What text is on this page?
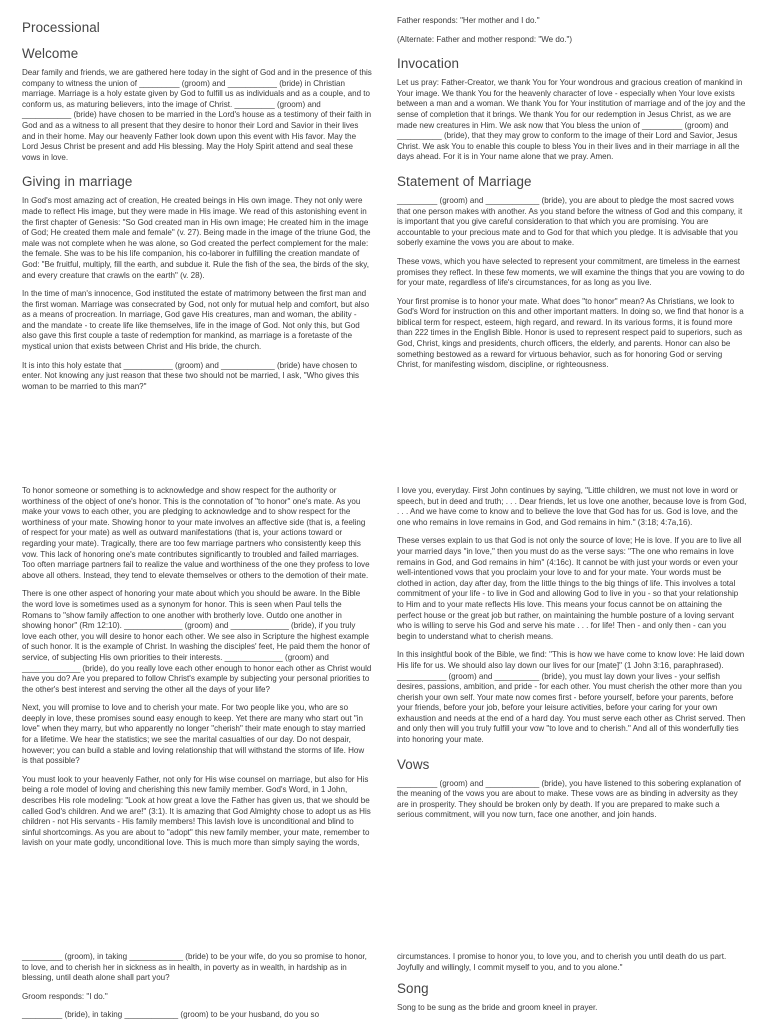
Processional
Welcome

Dear family and friends, we are gathered here today in the sight of God and in the presence of this company to witness the union of _________ (groom) and ___________ (bride) in Christian marriage. Marriage is a holy estate given by God to fulfill us as individuals and as a couple, and to conform us, as maturing believers, into the image of Christ. _________ (groom) and ___________ (bride) have chosen to be married in the Lord's house as a testimony of their faith in God and as a witness to all present that they desire to honor their Lord and Savior in their lives and in their home. May our heavenly Father look down upon this event with His favor. May the Lord Jesus Christ be present and add His blessing. May the Holy Spirit attend and seal these vows in love.

Giving in marriage

In God's most amazing act of creation, He created beings in His own image. They not only were made to reflect His image, but they were made in His image. We read of this astonishing event in the first chapter of Genesis: "So God created man in His own image; He created him in the image of God; He created them male and female" (v. 27). Being made in the image of the triune God, the male was not complete when he was alone, so God created the perfect complement for the male: the female. She was to be his life companion, his co-laborer in fulfilling the creation mandate of God: "Be fruitful, multiply, fill the earth, and subdue it. Rule the fish of the sea, the birds of the sky, and every creature that crawls on the earth" (v. 28).

In the time of man's innocence, God instituted the estate of matrimony between the first man and the first woman. Marriage was consecrated by God, not only for mutual help and comfort, but also as a means of procreation. In marriage, God gave His creatures, man and woman, the ability - and the mandate - to create life like themselves, life in the image of God. Not only this, but God also gave this first couple a taste of redemption for mankind, as marriage is a foretaste of the mystical union that exists between Christ and His bride, the church.

It is into this holy estate that ___________ (groom) and ____________ (bride) have chosen to enter. Not knowing any just reason that these two should not be married, I ask, "Who gives this woman to be married to this man?"

Father responds: "Her mother and I do."

(Alternate: Father and mother respond: "We do.")

Invocation

Let us pray: Father-Creator, we thank You for Your wondrous and gracious creation of mankind in Your image. We thank You for the heavenly character of love - especially when Your love exists between a man and a woman. We thank You for Your institution of marriage and of the joy and the sense of completion that it brings. We thank You for our redemption in Jesus Christ, as we are made new creatures in Him. We ask now that You bless the union of _________ (groom) and __________ (bride), that they may grow to conform to the image of their Lord and Savior, Jesus Christ. We ask You to enable this couple to bless You in their lives and in their marriage in all the days ahead. For it is in Your name alone that we pray. Amen.

Statement of Marriage

_________ (groom) and ____________ (bride), you are about to pledge the most sacred vows that one person makes with another. As you stand before the witness of God and this company, it is important that you give careful consideration to that which you are promising. You are accountable to your precious mate and to God for that which you pledge. It is advisable that you soberly examine the vows you are about to make.

These vows, which you have selected to represent your commitment, are timeless in the earnest promises they reflect. In these few moments, we will examine the things that you are vowing to do for your mate, regardless of life's circumstances, for as long as you live.

Your first promise is to honor your mate. What does "to honor" mean? As Christians, we look to God's Word for instruction on this and other important matters. In doing so, we find that honor is a biblical term for respect, esteem, high regard, and reward. In its various forms, it is found more than 222 times in the English Bible. Honor is used to represent respect paid to superiors, such as God, Christ, kings and presidents, church officers, the elderly, and parents. Honor can also be something bestowed as a reward for virtuous behavior, such as for honoring God or serving Christ, for manifesting wisdom, discipline, or righteousness.

To honor someone or something is to acknowledge and show respect for the authority or worthiness of the object of one's honor. This is the connotation of "to honor" one's mate. As you make your vows to each other, you are pledging to acknowledge and to show respect for the worthiness of your mate. Showing honor to your mate involves an affective side (that is, a feeling of respect for your mate) as well as outward manifestations (that is, your actions toward or regarding your mate). Tragically, there are too few marriage partners who consistently keep this vow. This lack of honoring one's mate contributes significantly to troubled and failed marriages. Too often marriage partners fail to realize the value and worthiness of the one they profess to love above all others. Instead, they tend to elevate themselves or others to the demotion of their mate.

There is one other aspect of honoring your mate about which you should be aware. In the Bible the word love is sometimes used as a synonym for honor. This is seen when Paul tells the Romans to "show family affection to one another with brotherly love. Outdo one another in showing honor" (Rm 12:10). _____________ (groom) and _____________ (bride), if you truly love each other, you will desire to honor each other. We see also in Scripture the highest example of such honor. It is the example of Christ. In washing the disciples' feet, He paid them the honor of service, of subjecting His own priorities to their interests. _____________ (groom) and _____________ (bride), do you really love each other enough to honor each other as Christ would have you do? Are you prepared to follow Christ's example by subjecting your personal priorities to the other's best interest and serving the other all the days of your life?

Next, you will promise to love and to cherish your mate. For two people like you, who are so deeply in love, these promises sound easy enough to keep. Yet there are many who start out "in love" when they marry, but who apparently no longer "cherish" their mate enough to stay married for a lifetime. We hear the statistics; we see the marital casualties of our day. Do not despair, however; you can build a stable and loving relationship that will withstand the storms of life. How is that possible?

You must look to your heavenly Father, not only for His wise counsel on marriage, but also for His being a role model of loving and cherishing this new family member. God's Word, in 1 John, describes His role modeling: "Look at how great a love the Father has given us, that we should be called God's children. And we are!" (3:1). It is amazing that God Almighty chose to adopt us as His children - not His servants - His family members! This lavish love is unconditional and blind to sinful shortcomings. As you are about to "adopt" this new family member, your mate, remember to lavish on your mate godly, unconditional love. This is much more than simply saying the words,

I love you, everyday. First John continues by saying, "Little children, we must not love in word or speech, but in deed and truth; . . . Dear friends, let us love one another, because love is from God, . . . And we have come to know and to believe the love that God has for us. God is love, and the one who remains in love remains in God, and God remains in him." (3:18; 4:7a,16).

These verses explain to us that God is not only the source of love; He is love. If you are to live all your married days "in love," then you must do as the verse says: "The one who remains in love remains in God, and God remains in him" (4:16c). It cannot be with just your words or even your well-intentioned vows that you proclaim your love to and for your mate. Your words must be clothed in action, day after day, from the little things to the big things of life. This involves a total commitment of your life - to live in God and allowing God to live in you - so that your relationship to Him and to your mate reflects His love. This means your focus cannot be on attaining the perfect house or the great job but rather, on maintaining the humble posture of a loving servant who is willing to serve his God and serve his mate . . . for life! Then - and only then - can you begin to understand what to cherish means.

In this insightful book of the Bible, we find: "This is how we have come to know love: He laid down His life for us. We should also lay down our lives for our [mate]" (1 John 3:16, paraphrased). ___________ (groom) and __________ (bride), you must lay down your lives - your selfish desires, passions, ambition, and pride - for each other. You must cherish the other more than you cherish your own self. Your mate now comes first - before yourself, before your parents, before your friends, before your job, before your leisure activities, before your caring for your own exhaustion and needs at the end of a hard day. You must serve each other as Christ served. Then and only then will you truly fulfill your vow "to love and to cherish." And all of this wonderfully ties into honoring your mate.

Vows

_________ (groom) and ____________ (bride), you have listened to this sobering explanation of the meaning of the vows you are about to make. These vows are as binding in adversity as they are in prosperity. They should be broken only by death. If you are prepared to make such a serious commitment, will you now turn, face one another, and join hands.

_________ (groom), in taking ____________ (bride) to be your wife, do you so promise to honor, to love, and to cherish her in sickness as in health, in poverty as in wealth, in hardship as in blessing, until death alone shall part you?

Groom responds: "I do."

_________ (bride), in taking ____________ (groom) to be your husband, do you so

circumstances. I promise to honor you, to love you, and to cherish you until death do us part. Joyfully and willingly, I commit myself to you, and to you alone."

Song

Song to be sung as the bride and groom kneel in prayer.
